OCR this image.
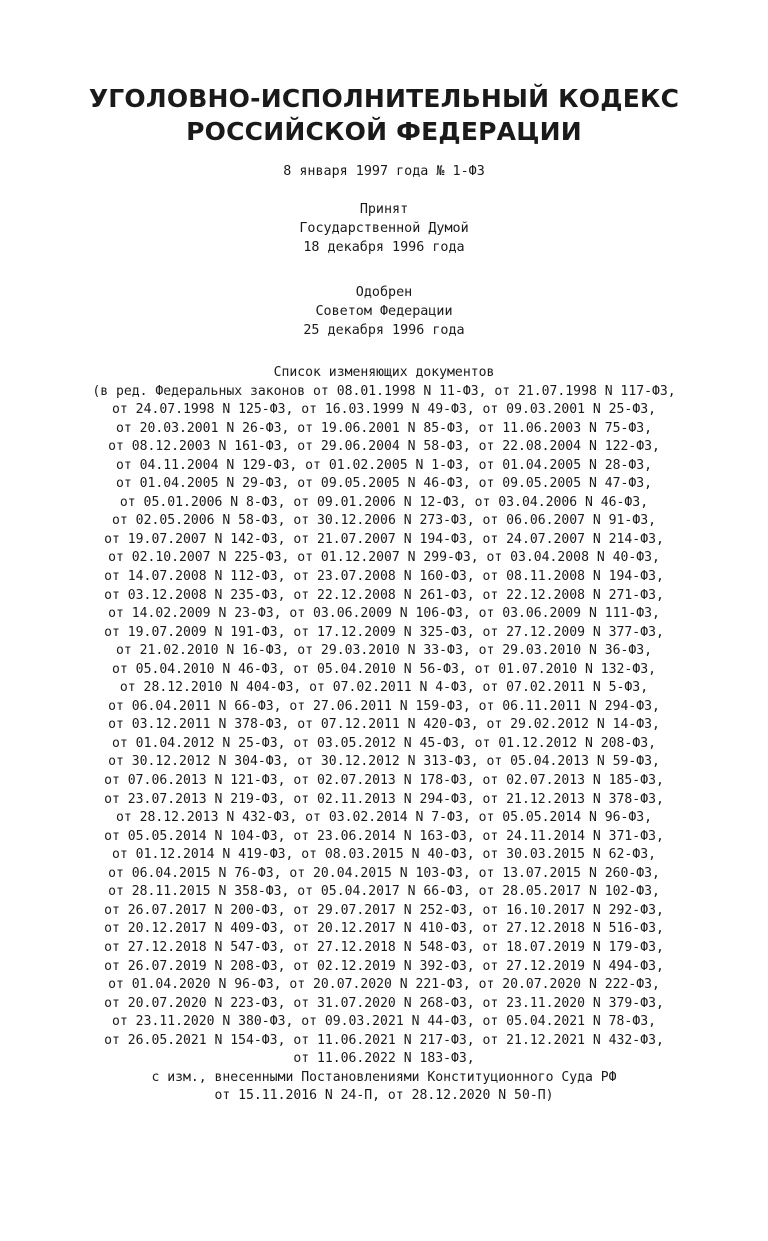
УГОЛОВНО-ИСПОЛНИТЕЛЬНЫЙ КОДЕКС
РОССИЙСКОЙ ФЕДЕРАЦИИ
8 января 1997 года № 1-ФЗ
Принят
Государственной Думой
18 декабря 1996 года
Одобрен
Советом Федерации
25 декабря 1996 года
Список изменяющих документов
(в ред. Федеральных законов от 08.01.1998 N 11-ФЗ, от 21.07.1998 N 117-ФЗ,
от 24.07.1998 N 125-ФЗ, от 16.03.1999 N 49-ФЗ, от 09.03.2001 N 25-ФЗ,
от 20.03.2001 N 26-ФЗ, от 19.06.2001 N 85-ФЗ, от 11.06.2003 N 75-ФЗ,
от 08.12.2003 N 161-ФЗ, от 29.06.2004 N 58-ФЗ, от 22.08.2004 N 122-ФЗ,
от 04.11.2004 N 129-ФЗ, от 01.02.2005 N 1-ФЗ, от 01.04.2005 N 28-ФЗ,
от 01.04.2005 N 29-ФЗ, от 09.05.2005 N 46-ФЗ, от 09.05.2005 N 47-ФЗ,
от 05.01.2006 N 8-ФЗ, от 09.01.2006 N 12-ФЗ, от 03.04.2006 N 46-ФЗ,
от 02.05.2006 N 58-ФЗ, от 30.12.2006 N 273-ФЗ, от 06.06.2007 N 91-ФЗ,
от 19.07.2007 N 142-ФЗ, от 21.07.2007 N 194-ФЗ, от 24.07.2007 N 214-ФЗ,
от 02.10.2007 N 225-ФЗ, от 01.12.2007 N 299-ФЗ, от 03.04.2008 N 40-ФЗ,
от 14.07.2008 N 112-ФЗ, от 23.07.2008 N 160-ФЗ, от 08.11.2008 N 194-ФЗ,
от 03.12.2008 N 235-ФЗ, от 22.12.2008 N 261-ФЗ, от 22.12.2008 N 271-ФЗ,
от 14.02.2009 N 23-ФЗ, от 03.06.2009 N 106-ФЗ, от 03.06.2009 N 111-ФЗ,
от 19.07.2009 N 191-ФЗ, от 17.12.2009 N 325-ФЗ, от 27.12.2009 N 377-ФЗ,
от 21.02.2010 N 16-ФЗ, от 29.03.2010 N 33-ФЗ, от 29.03.2010 N 36-ФЗ,
от 05.04.2010 N 46-ФЗ, от 05.04.2010 N 56-ФЗ, от 01.07.2010 N 132-ФЗ,
от 28.12.2010 N 404-ФЗ, от 07.02.2011 N 4-ФЗ, от 07.02.2011 N 5-ФЗ,
от 06.04.2011 N 66-ФЗ, от 27.06.2011 N 159-ФЗ, от 06.11.2011 N 294-ФЗ,
от 03.12.2011 N 378-ФЗ, от 07.12.2011 N 420-ФЗ, от 29.02.2012 N 14-ФЗ,
от 01.04.2012 N 25-ФЗ, от 03.05.2012 N 45-ФЗ, от 01.12.2012 N 208-ФЗ,
от 30.12.2012 N 304-ФЗ, от 30.12.2012 N 313-ФЗ, от 05.04.2013 N 59-ФЗ,
от 07.06.2013 N 121-ФЗ, от 02.07.2013 N 178-ФЗ, от 02.07.2013 N 185-ФЗ,
от 23.07.2013 N 219-ФЗ, от 02.11.2013 N 294-ФЗ, от 21.12.2013 N 378-ФЗ,
от 28.12.2013 N 432-ФЗ, от 03.02.2014 N 7-ФЗ, от 05.05.2014 N 96-ФЗ,
от 05.05.2014 N 104-ФЗ, от 23.06.2014 N 163-ФЗ, от 24.11.2014 N 371-ФЗ,
от 01.12.2014 N 419-ФЗ, от 08.03.2015 N 40-ФЗ, от 30.03.2015 N 62-ФЗ,
от 06.04.2015 N 76-ФЗ, от 20.04.2015 N 103-ФЗ, от 13.07.2015 N 260-ФЗ,
от 28.11.2015 N 358-ФЗ, от 05.04.2017 N 66-ФЗ, от 28.05.2017 N 102-ФЗ,
от 26.07.2017 N 200-ФЗ, от 29.07.2017 N 252-ФЗ, от 16.10.2017 N 292-ФЗ,
от 20.12.2017 N 409-ФЗ, от 20.12.2017 N 410-ФЗ, от 27.12.2018 N 516-ФЗ,
от 27.12.2018 N 547-ФЗ, от 27.12.2018 N 548-ФЗ, от 18.07.2019 N 179-ФЗ,
от 26.07.2019 N 208-ФЗ, от 02.12.2019 N 392-ФЗ, от 27.12.2019 N 494-ФЗ,
от 01.04.2020 N 96-ФЗ, от 20.07.2020 N 221-ФЗ, от 20.07.2020 N 222-ФЗ,
от 20.07.2020 N 223-ФЗ, от 31.07.2020 N 268-ФЗ, от 23.11.2020 N 379-ФЗ,
от 23.11.2020 N 380-ФЗ, от 09.03.2021 N 44-ФЗ, от 05.04.2021 N 78-ФЗ,
от 26.05.2021 N 154-ФЗ, от 11.06.2021 N 217-ФЗ, от 21.12.2021 N 432-ФЗ,
от 11.06.2022 N 183-ФЗ,
с изм., внесенными Постановлениями Конституционного Суда РФ
от 15.11.2016 N 24-П, от 28.12.2020 N 50-П)
